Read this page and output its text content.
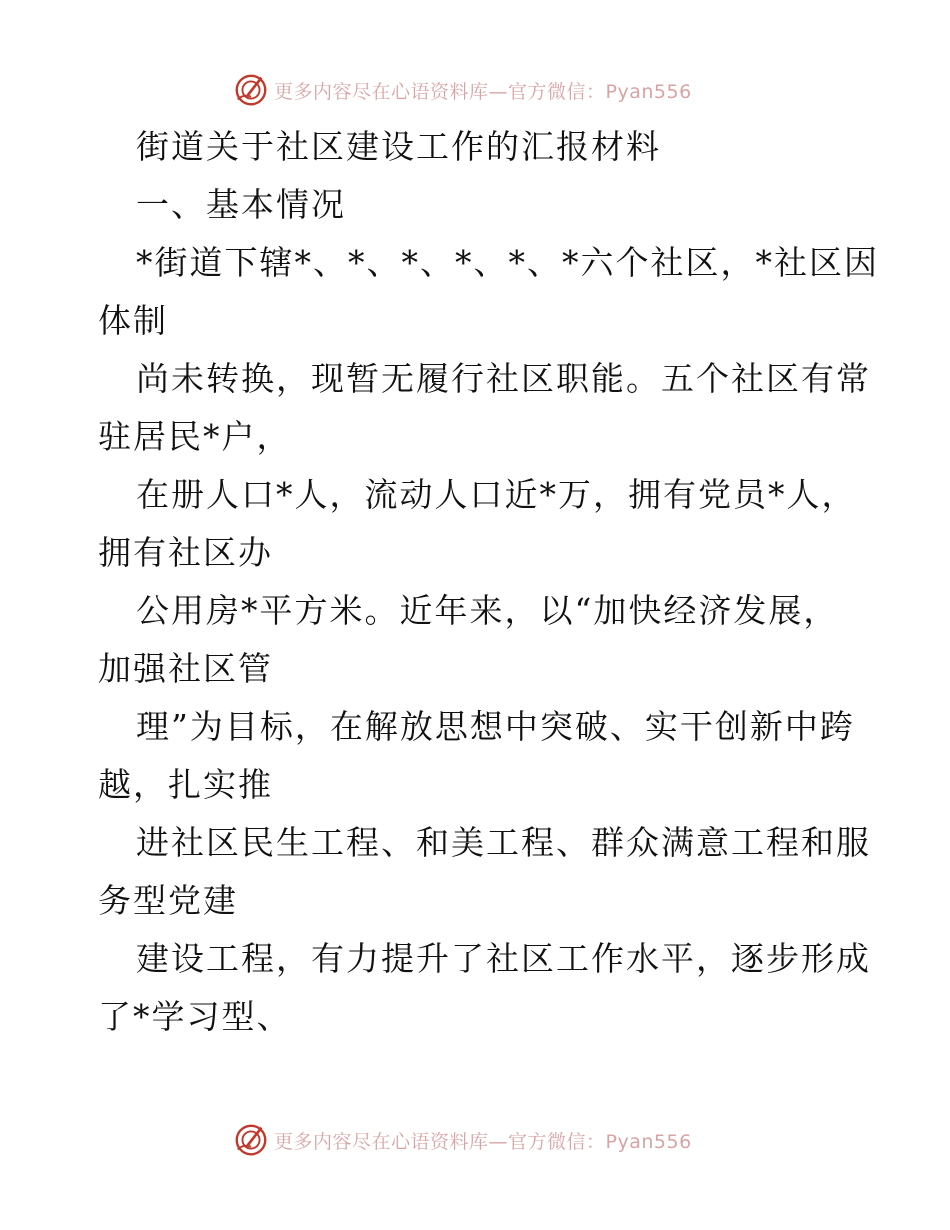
更多内容尽在心语资料库—官方微信：Pyan556
街道关于社区建设工作的汇报材料
一、基本情况
*街道下辖*、*、*、*、*、*六个社区，*社区因
体制
尚未转换，现暂无履行社区职能。五个社区有常
驻居民*户，
在册人口*人，流动人口近*万，拥有党员*人，
拥有社区办
公用房*平方米。近年来，以“加快经济发展，
加强社区管
理”为目标，在解放思想中突破、实干创新中跨
越，扎实推
进社区民生工程、和美工程、群众满意工程和服
务型党建
建设工程，有力提升了社区工作水平，逐步形成
了*学习型、
更多内容尽在心语资料库—官方微信：Pyan556
